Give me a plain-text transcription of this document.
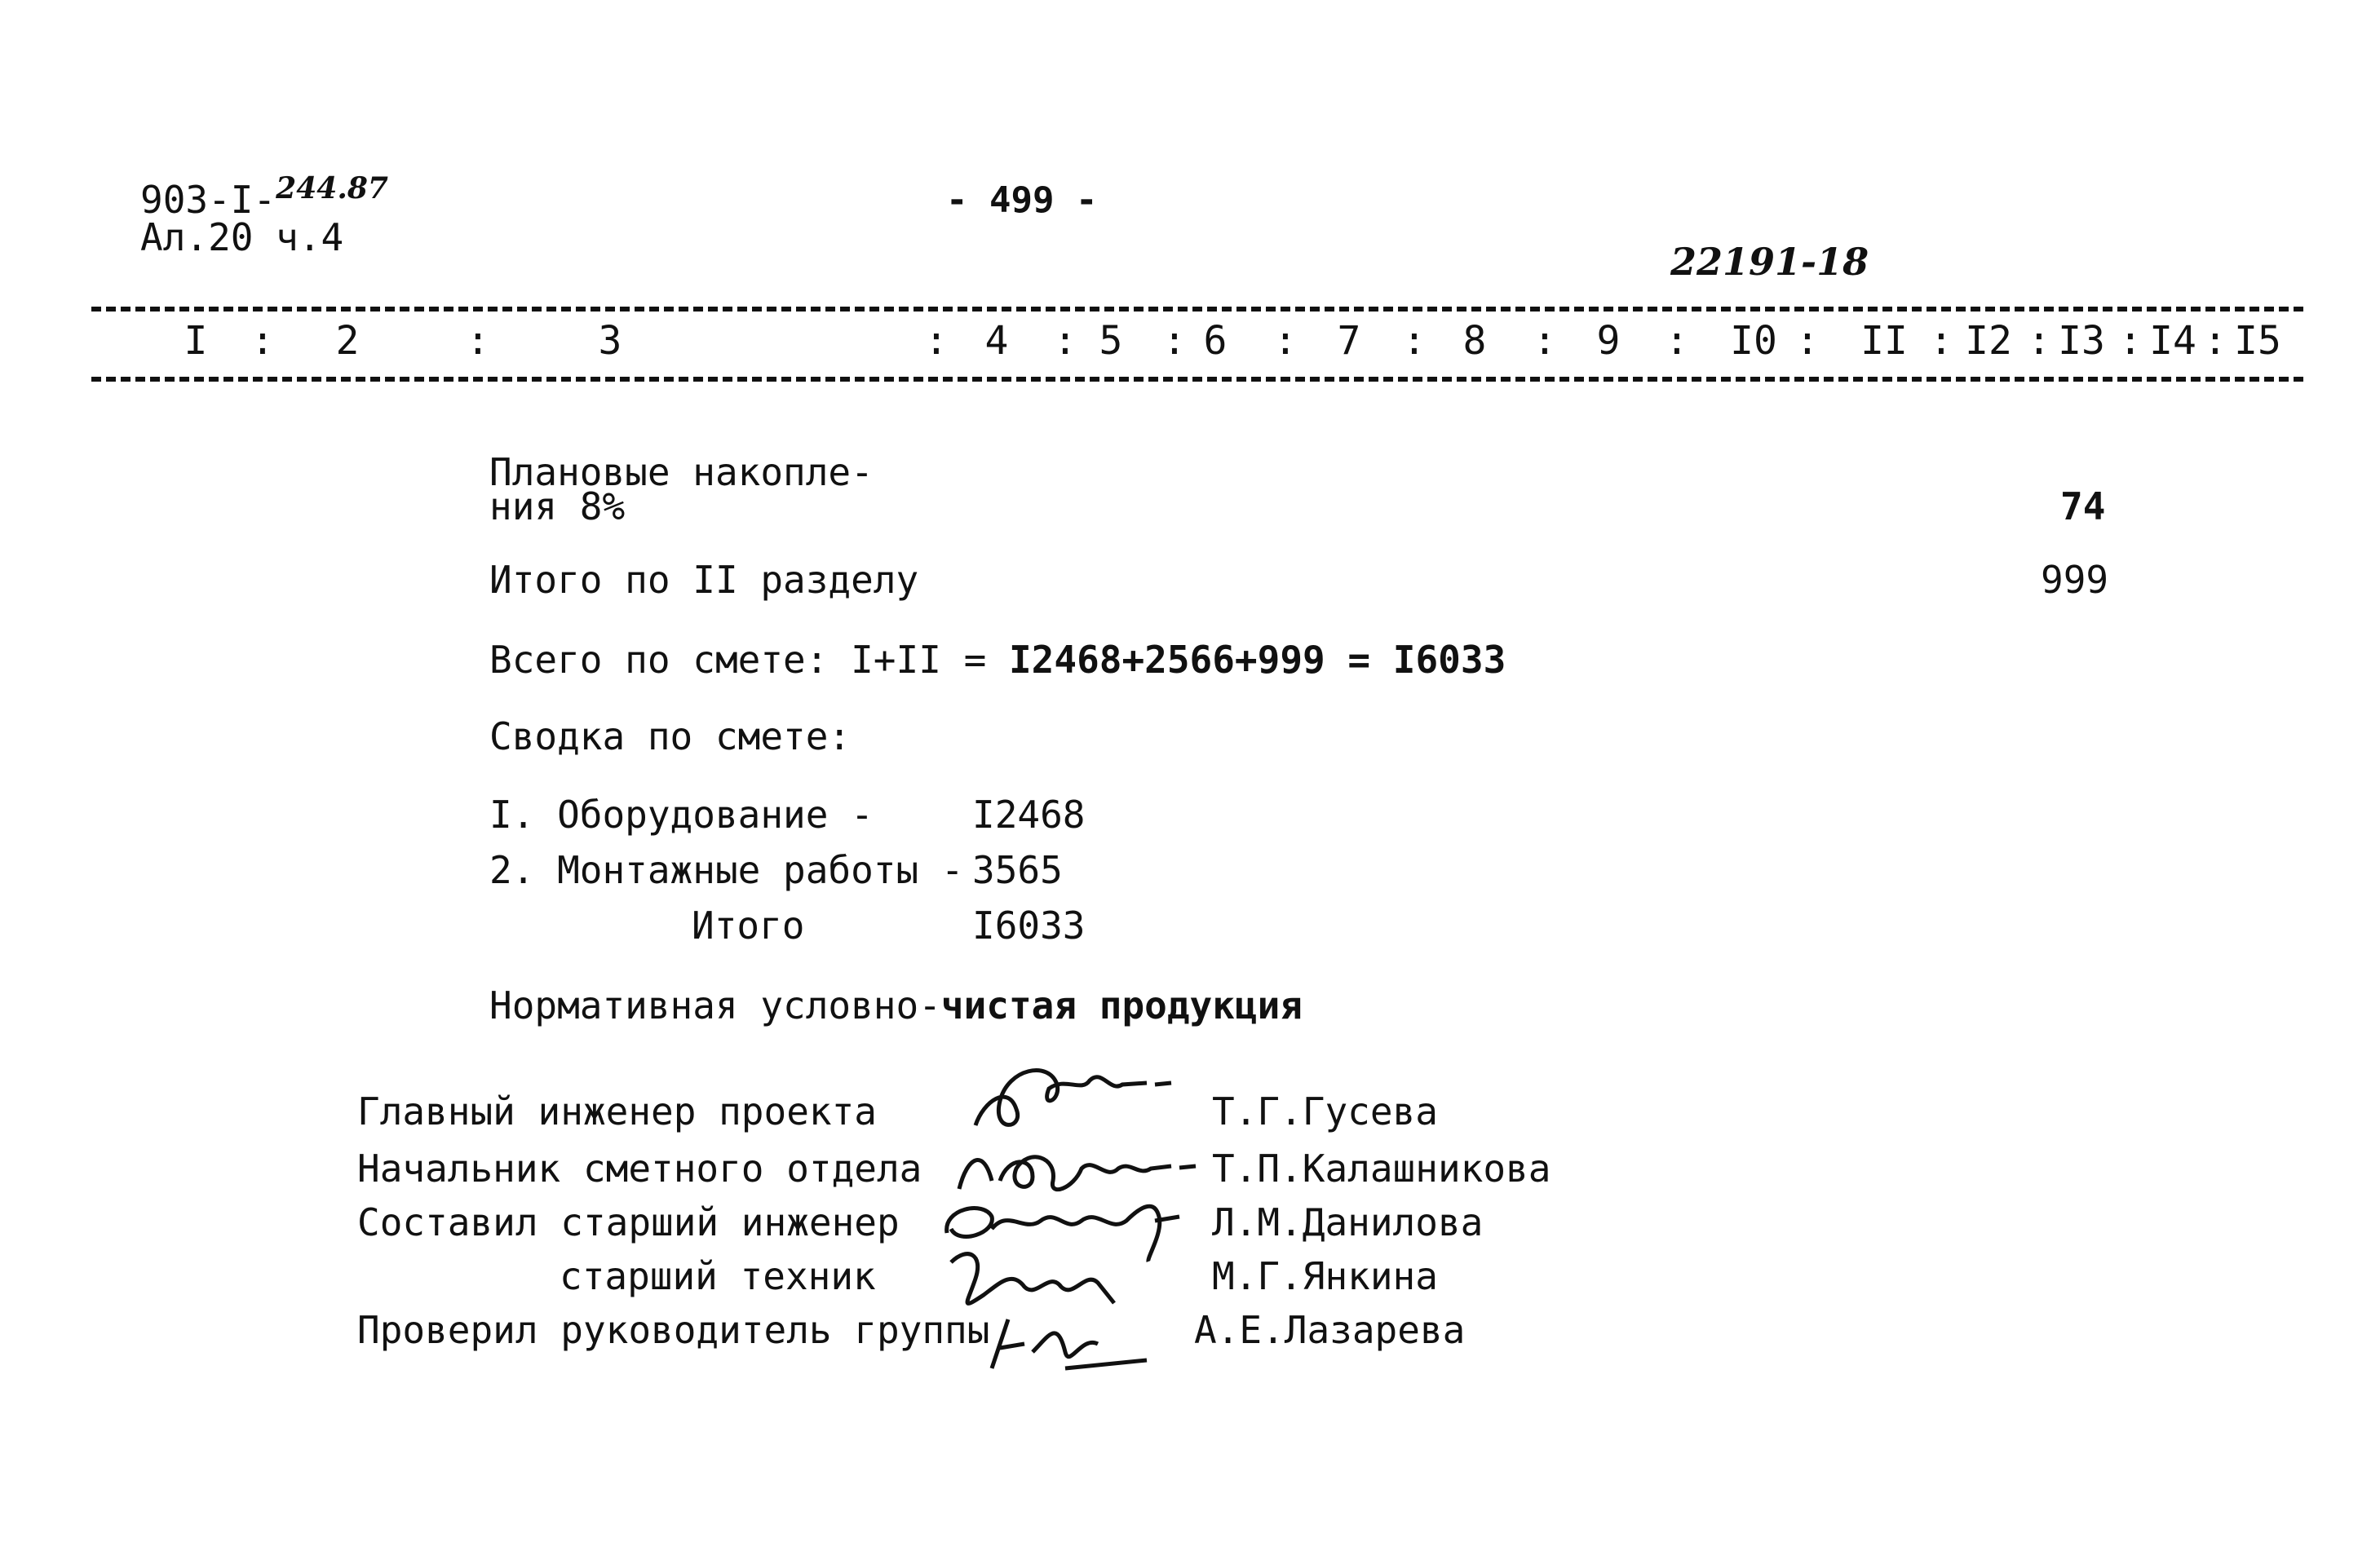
903-I-$^{244.87}$
Ал.20 ч.4
- 499 -
22191-18
I : 2	:	3	: 4 : 5 : 6 : 7 : 8 : 9 : I0 : II : I2 : I3 : I4 : I5
Плановые накопле-
ния 8%	74
Итого по II разделу	999
Всего по смете: I+II = I2468+2566+999 = I6033
Сводка по смете:
I. Оборудование -	I2468
2. Монтажные работы - 3565
Итого	I6033
Нормативная условно-чистая продукция
Главный инженер проекта	Т.Г.Гусева
Начальник сметного отдела	Т.П.Калашникова
Составил старший инженер	Л.М.Данилова
старший техник	М.Г.Янкина
Проверил руководитель группы	А.Е.Лазарева
